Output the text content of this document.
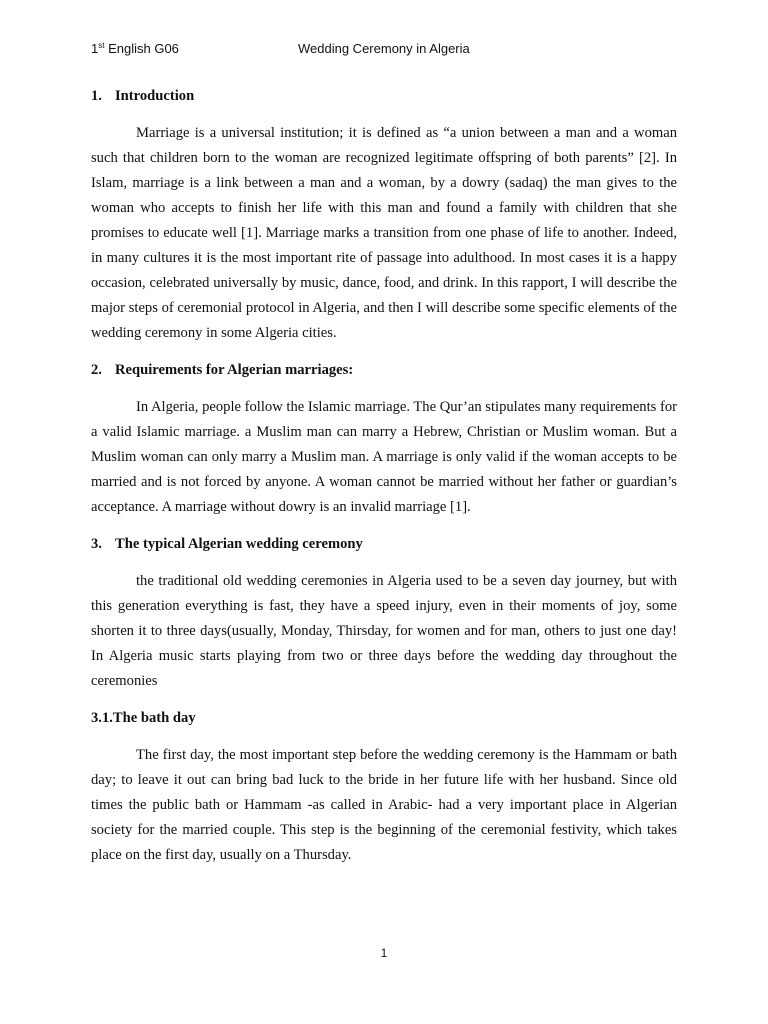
1st English G06	Wedding Ceremony in Algeria
1. Introduction

Marriage is a universal institution; it is defined as “a union between a man and a woman such that children born to the woman are recognized legitimate offspring of both parents” [2]. In Islam, marriage is a link between a man and a woman, by a dowry (sadaq) the man gives to the woman who accepts to finish her life with this man and found a family with children that she promises to educate well [1]. Marriage marks a transition from one phase of life to another. Indeed, in many cultures it is the most important rite of passage into adulthood. In most cases it is a happy occasion, celebrated universally by music, dance, food, and drink. In this rapport, I will describe the major steps of ceremonial protocol in Algeria, and then I will describe some specific elements of the wedding ceremony in some Algeria cities.

2. Requirements for Algerian marriages:

In Algeria, people follow the Islamic marriage. The Qur’an stipulates many requirements for a valid Islamic marriage. a Muslim man can marry a Hebrew, Christian or Muslim woman. But a Muslim woman can only marry a Muslim man. A marriage is only valid if the woman accepts to be married and is not forced by anyone. A woman cannot be married without her father or guardian’s acceptance. A marriage without dowry is an invalid marriage [1].

3. The typical Algerian wedding ceremony

the traditional old wedding ceremonies in Algeria used to be a seven day journey, but with this generation everything is fast, they have a speed injury, even in their moments of joy, some shorten it to three days(usually, Monday, Thirsday, for women and for man, others to just one day! In Algeria music starts playing from two or three days before the wedding day throughout the ceremonies

3.1.The bath day

The first day, the most important step before the wedding ceremony is the Hammam or bath day; to leave it out can bring bad luck to the bride in her future life with her husband. Since old times the public bath or Hammam -as called in Arabic- had a very important place in Algerian society for the married couple. This step is the beginning of the ceremonial festivity, which takes place on the first day, usually on a Thursday.

1
